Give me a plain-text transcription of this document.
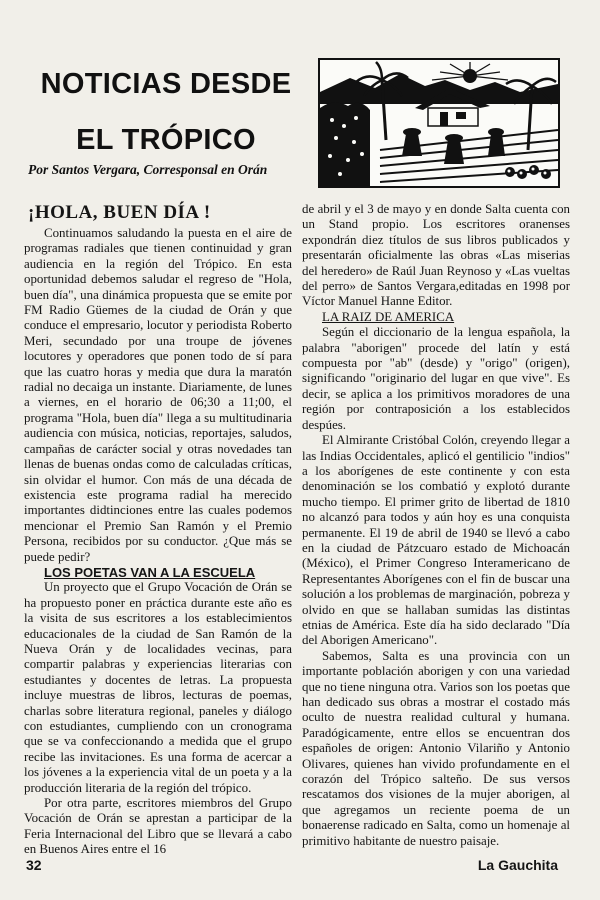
NOTICIAS DESDE EL TRÓPICO
Por Santos Vergara, Corresponsal en Orán
¡HOLA, BUEN DÍA !

Continuamos saludando la puesta en el aire de programas radiales que tienen continuidad y gran audiencia en la región del Trópico. En esta oportunidad debemos saludar el regreso de "Hola, buen día", una dinámica propuesta que se emite por FM Radio Güemes de la ciudad de Orán y que conduce el empresario, locutor y periodista Roberto Meri, secundado por una troupe de jóvenes locutores y operadores que ponen todo de sí para que las cuatro horas y media que dura la maratón radial no decaiga un instante. Diariamente, de lunes a viernes, en el horario de 06;30 a 11;00, el programa "Hola, buen día" llega a su multitudinaria audiencia con música, noticias, reportajes, saludos, campañas de carácter social y otras novedades tan llenas de buenas ondas como de calculadas críticas, sin olvidar el humor. Con más de una década de existencia este programa radial ha merecido importantes didtinciones entre las cuales podemos mencionar el Premio San Ramón y el Premio Persona, recibidos por su conductor. ¿Que más se puede pedir?

LOS POETAS VAN A LA ESCUELA

Un proyecto que el Grupo Vocación de Orán se ha propuesto poner en práctica durante este año es la visita de sus escritores a los establecimientos educacionales de la ciudad de San Ramón de la Nueva Orán y de localidades vecinas, para compartir palabras y experiencias literarias con estudiantes y docentes de letras. La propuesta incluye muestras de libros, lecturas de poemas, charlas sobre literatura regional, paneles y diálogo con estudiantes, cumpliendo con un cronograma que se va confeccionando a medida que el grupo recibe las invitaciones. Es una forma de acercar a los jóvenes a la experiencia vital de un poeta y a la producción literaria de la región del trópico.

Por otra parte, escritores miembros del Grupo Vocación de Orán se aprestan a participar de la Feria Internacional del Libro que se llevará a cabo en Buenos Aires entre el 16

de abril y el 3 de mayo y en donde Salta cuenta con un Stand propio. Los escritores oranenses expondrán diez títulos de sus libros publicados y presentarán oficialmente las obras «Las miserias del heredero» de Raúl Juan Reynoso y «Las vueltas del perro» de Santos Vergara,editadas en 1998 por Víctor Manuel Hanne Editor.

LA RAIZ DE AMERICA

Según el diccionario de la lengua española, la palabra "aborigen" procede del latín y está compuesta por "ab" (desde) y "origo" (origen), significando "originario del lugar en que vive". Es decir, se aplica a los primitivos moradores de una región por contraposición a los establecidos despúes.

El Almirante Cristóbal Colón, creyendo llegar a las Indias Occidentales, aplicó el gentilicio "indios" a los aborígenes de este continente y con esta denominación se los combatió y explotó durante mucho tiempo. El primer grito de libertad de 1810 no alcanzó para todos y aún hoy es una conquista permanente. El 19 de abril de 1940 se llevó a cabo en la ciudad de Pátzcuaro estado de Michoacán (México), el Primer Congreso Interamericano de Representantes Aborígenes con el fin de buscar una solución a los problemas de marginación, pobreza y olvido en que se hallaban sumidas las distintas etnias de América. Este día ha sido declarado "Día del Aborigen Americano".

Sabemos, Salta es una provincia con un importante población aborigen y con una variedad que no tiene ninguna otra. Varios son los poetas que han dedicado sus obras a mostrar el costado más oculto de nuestra realidad cultural y humana. Paradógicamente, entre ellos se encuentran dos españoles de origen: Antonio Vilariño y Antonio Olivares, quienes han vivido profundamente en el corazón del Trópico salteño. De sus versos rescatamos dos visiones de la mujer aborigen, al que agregamos un reciente poema de un bonaerense radicado en Salta, como un homenaje al primitivo habitante de nuestro paisaje.

32	La Gauchita
